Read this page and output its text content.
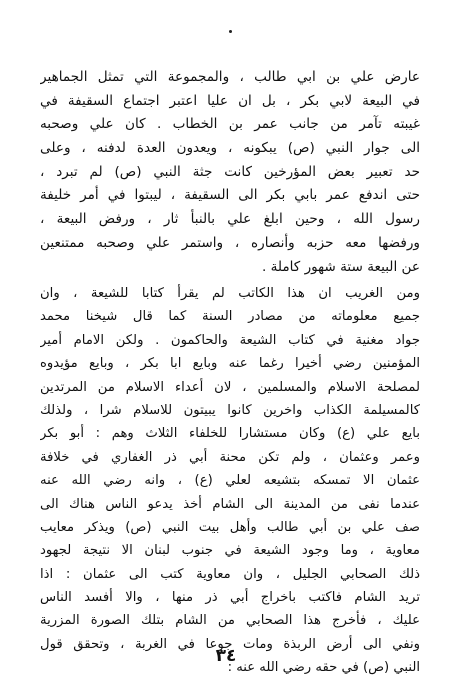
عارض علي بن ابي طالب ، والمجموعة التي تمثل الجماهير
في البيعة لابي بكر ، بل ان عليا اعتبر اجتماع السقيفة في
غيبته تآمر من جانب عمر بن الخطاب . كان علي وصحبه
الى جوار النبي (ص) يبكونه ، ويعدون العدة لدفنه ، وعلى
حد تعبير بعض المؤرخين كانت جثة النبي (ص) لم تبرد ،
حتى اندفع عمر بابي بكر الى السقيفة ، ليبتوا في أمر خليفة
رسول الله ، وحين ابلغ علي بالنبأ ثار ، ورفض البيعة ،
ورفضها معه حزبه وأنصاره ، واستمر علي وصحبه ممتنعين
عن البيعة ستة شهور كاملة .
ومن الغريب ان هذا الكاتب لم يقرأ كتابا للشيعة ، وان
جميع معلوماته من مصادر السنة كما قال شيخنا محمد
جواد مغنية في كتاب الشيعة والحاكمون . ولكن الامام أمير
المؤمنين رضي أخيرا رغما عنه وبايع ابا بكر ، وبايع مؤيدوه
لمصلحة الاسلام والمسلمين ، لان أعداء الاسلام من المرتدين
كالمسيلمة الكذاب واخرين كانوا يبيتون للاسلام شرا ، ولذلك
بايع علي (ع) وكان مستشارا للخلفاء الثلاث وهم : أبو بكر
وعمر وعثمان ، ولم تكن محنة أبي ذر الغفاري في خلافة
عثمان الا تمسكه بتشيعه لعلي (ع) ، وانه رضي الله عنه
عندما نفى من المدينة الى الشام أخذ يدعو الناس هناك الى
صف علي بن أبي طالب وأهل بيت النبي (ص) ويذكر معايب
معاوية ، وما وجود الشيعة في جنوب لبنان الا نتيجة لجهود
ذلك الصحابي الجليل ، وان معاوية كتب الى عثمان : اذا
تريد الشام فاكتب باخراج أبي ذر منها ، والا أفسد الناس
عليك ، فأخرج هذا الصحابي من الشام بتلك الصورة المزرية
ونفي الى أرض الربذة ومات جوعا في الغربة ، وتحقق قول
النبي (ص) في حقه رضي الله عنه :
٣٤
